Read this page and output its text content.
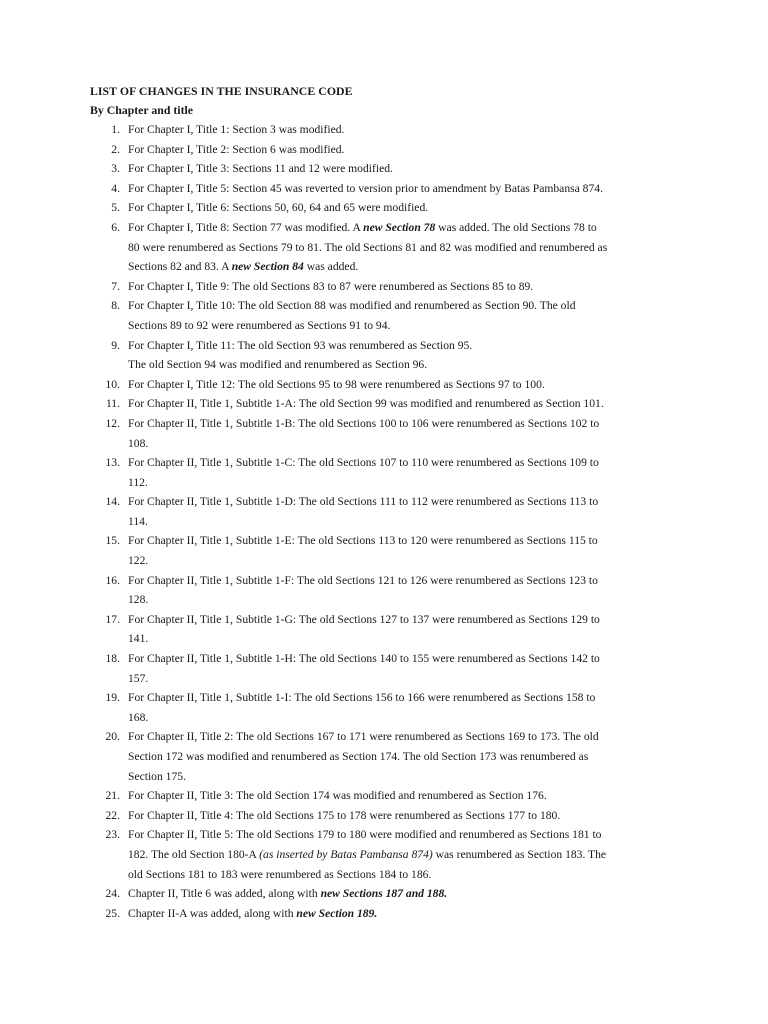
LIST OF CHANGES IN THE INSURANCE CODE
By Chapter and title
1. For Chapter I, Title 1: Section 3 was modified.
2. For Chapter I, Title 2: Section 6 was modified.
3. For Chapter I, Title 3: Sections 11 and 12 were modified.
4. For Chapter I, Title 5: Section 45 was reverted to version prior to amendment by Batas Pambansa 874.
5. For Chapter I, Title 6: Sections 50, 60, 64 and 65 were modified.
6. For Chapter I, Title 8: Section 77 was modified. A new Section 78 was added. The old Sections 78 to
80 were renumbered as Sections 79 to 81. The old Sections 81 and 82 was modified and renumbered as
Sections 82 and 83. A new Section 84 was added.
7. For Chapter I, Title 9: The old Sections 83 to 87 were renumbered as Sections 85 to 89.
8. For Chapter I, Title 10: The old Section 88 was modified and renumbered as Section 90. The old
Sections 89 to 92 were renumbered as Sections 91 to 94.
9. For Chapter I, Title 11: The old Section 93 was renumbered as Section 95.
The old Section 94 was modified and renumbered as Section 96.
10. For Chapter I, Title 12: The old Sections 95 to 98 were renumbered as Sections 97 to 100.
11. For Chapter II, Title 1, Subtitle 1-A: The old Section 99 was modified and renumbered as Section 101.
12. For Chapter II, Title 1, Subtitle 1-B: The old Sections 100 to 106 were renumbered as Sections 102 to
108.
13. For Chapter II, Title 1, Subtitle 1-C: The old Sections 107 to 110 were renumbered as Sections 109 to
112.
14. For Chapter II, Title 1, Subtitle 1-D: The old Sections 111 to 112 were renumbered as Sections 113 to
114.
15. For Chapter II, Title 1, Subtitle 1-E: The old Sections 113 to 120 were renumbered as Sections 115 to
122.
16. For Chapter II, Title 1, Subtitle 1-F: The old Sections 121 to 126 were renumbered as Sections 123 to
128.
17. For Chapter II, Title 1, Subtitle 1-G: The old Sections 127 to 137 were renumbered as Sections 129 to
141.
18. For Chapter II, Title 1, Subtitle 1-H: The old Sections 140 to 155 were renumbered as Sections 142 to
157.
19. For Chapter II, Title 1, Subtitle 1-I: The old Sections 156 to 166 were renumbered as Sections 158 to
168.
20. For Chapter II, Title 2: The old Sections 167 to 171 were renumbered as Sections 169 to 173. The old
Section 172 was modified and renumbered as Section 174. The old Section 173 was renumbered as
Section 175.
21. For Chapter II, Title 3: The old Section 174 was modified and renumbered as Section 176.
22. For Chapter II, Title 4: The old Sections 175 to 178 were renumbered as Sections 177 to 180.
23. For Chapter II, Title 5: The old Sections 179 to 180 were modified and renumbered as Sections 181 to
182. The old Section 180-A (as inserted by Batas Pambansa 874) was renumbered as Section 183. The
old Sections 181 to 183 were renumbered as Sections 184 to 186.
24. Chapter II, Title 6 was added, along with new Sections 187 and 188.
25. Chapter II-A was added, along with new Section 189.
